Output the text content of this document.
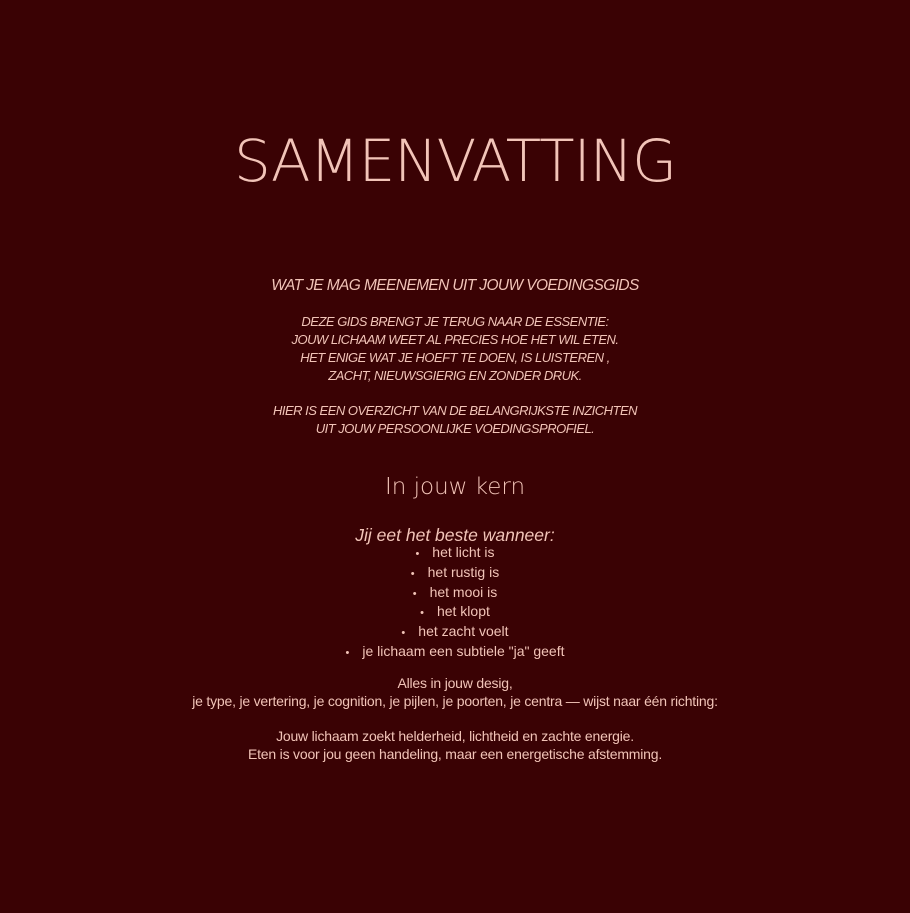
SAMENVATTING

WAT JE MAG MEENEMEN UIT JOUW VOEDINGSGIDS

DEZE GIDS BRENGT JE TERUG NAAR DE ESSENTIE:
JOUW LICHAAM WEET AL PRECIES HOE HET WIL ETEN.
HET ENIGE WAT JE HOEFT TE DOEN, IS LUISTEREN ,
ZACHT, NIEUWSGIERIG EN ZONDER DRUK.

HIER IS EEN OVERZICHT VAN DE BELANGRIJKSTE INZICHTEN
UIT JOUW PERSOONLIJKE VOEDINGSPROFIEL.

In jouw kern

Jij eet het beste wanneer:

• het licht is
• het rustig is
• het mooi is
• het klopt
• het zacht voelt
• je lichaam een subtiele "ja" geeft

Alles in jouw desig,
je type, je vertering, je cognition, je pijlen, je poorten, je centra — wijst naar één richting:

Jouw lichaam zoekt helderheid, lichtheid en zachte energie.
Eten is voor jou geen handeling, maar een energetische afstemming.
